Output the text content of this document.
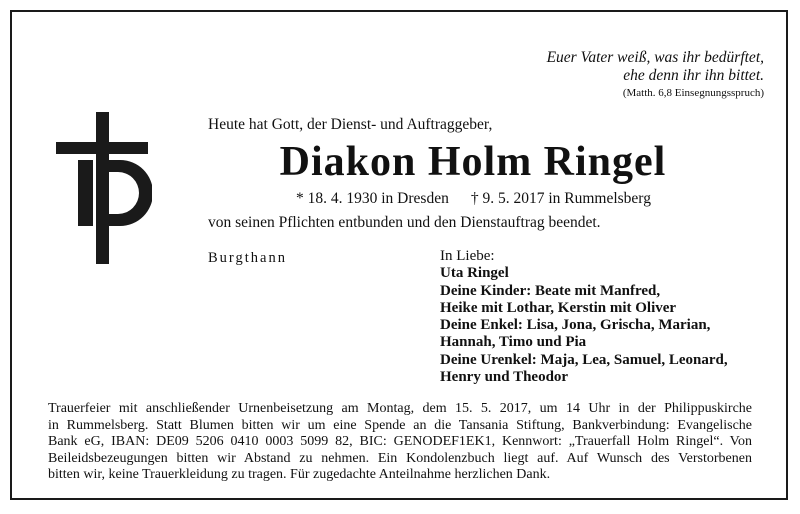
Euer Vater weiß, was ihr bedürftet,
ehe denn ihr ihn bittet.
(Matth. 6,8 Einsegnungsspruch)
Heute hat Gott, der Dienst- und Auftraggeber,
Diakon Holm Ringel
* 18. 4. 1930 in Dresden † 9. 5. 2017 in Rummelsberg
von seinen Pflichten entbunden und den Dienstauftrag beendet.
Burgthann	In Liebe:
Uta Ringel
Deine Kinder: Beate mit Manfred,
Heike mit Lothar, Kerstin mit Oliver
Deine Enkel: Lisa, Jona, Grischa, Marian,
Hannah, Timo und Pia
Deine Urenkel: Maja, Lea, Samuel, Leonard,
Henry und Theodor
Trauerfeier mit anschließender Urnenbeisetzung am Montag, dem 15. 5. 2017, um 14 Uhr in der Philippuskirche
in Rummelsberg. Statt Blumen bitten wir um eine Spende an die Tansania Stiftung, Bankverbindung: Evangelische
Bank eG, IBAN: DE09 5206 0410 0003 5099 82, BIC: GENODEF1EK1, Kennwort: „Trauerfall Holm Ringel“. Von
Beileidsbezeugungen bitten wir Abstand zu nehmen. Ein Kondolenzbuch liegt auf. Auf Wunsch des Verstorbenen
bitten wir, keine Trauerkleidung zu tragen. Für zugedachte Anteilnahme herzlichen Dank.
